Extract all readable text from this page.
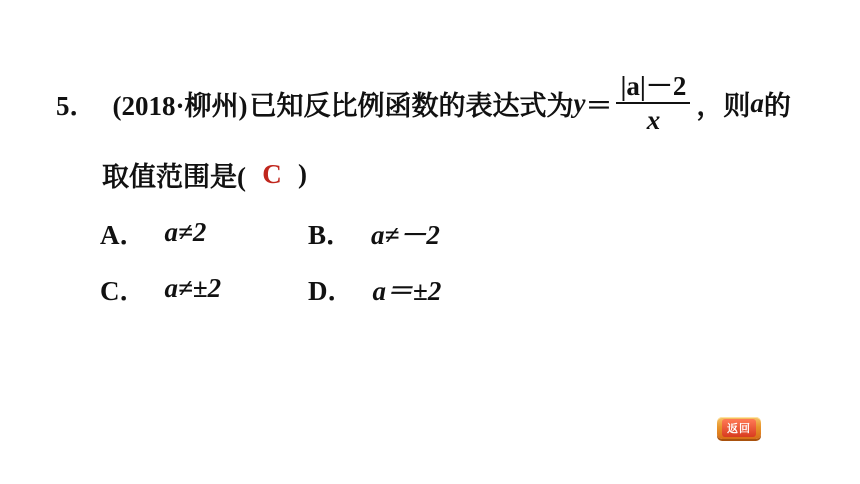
5． (2018·柳州) 已知反比例函数的表达式为 $y = \frac{|a|-2}{x}$ ，则 a 的
取值范围是( C )
A． a≠2	B． a≠－2
C． a≠±2	D． a＝±2
返回
